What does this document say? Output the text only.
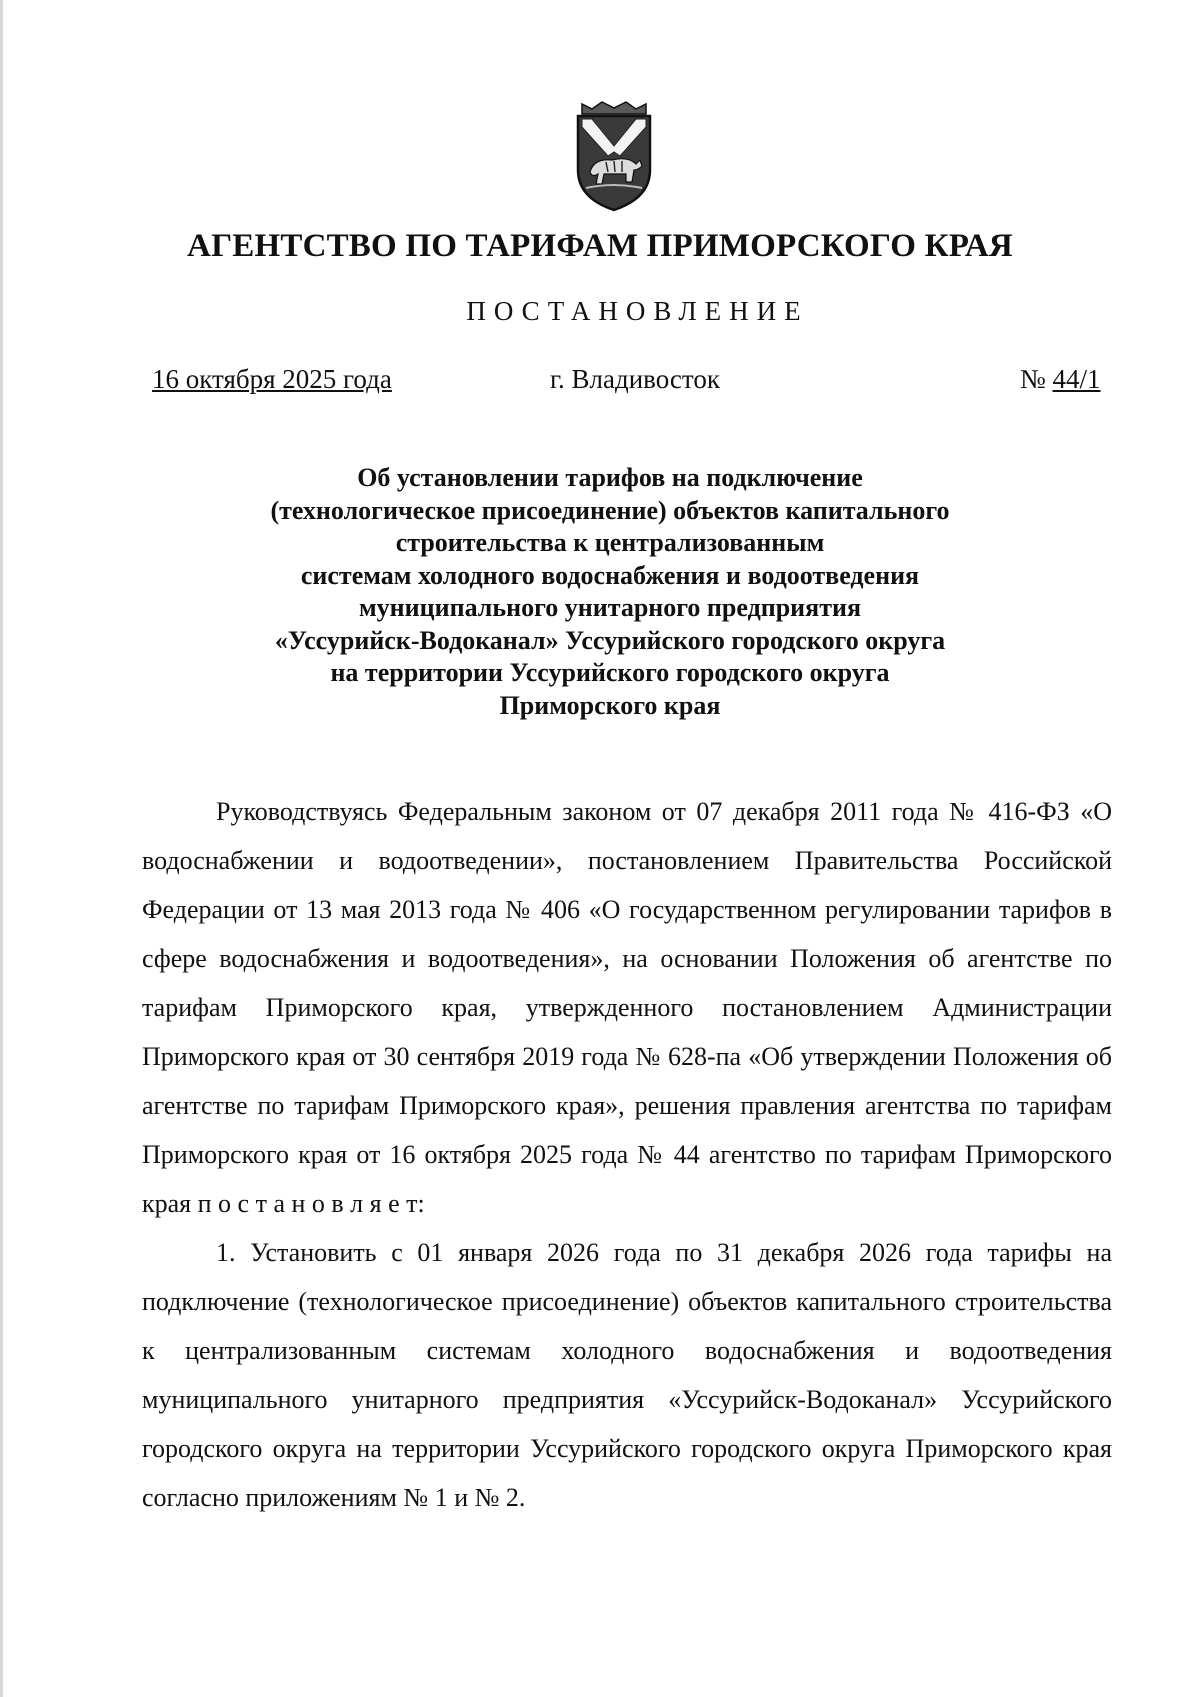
АГЕНТСТВО ПО ТАРИФАМ ПРИМОРСКОГО КРАЯ
ПОСТАНОВЛЕНИЕ
16 октября 2025 года	г. Владивосток	№ 44/1
Об установлении тарифов на подключение
(технологическое присоединение) объектов капитального
строительства к централизованным
системам холодного водоснабжения и водоотведения
муниципального унитарного предприятия
«Уссурийск-Водоканал» Уссурийского городского округа
на территории Уссурийского городского округа
Приморского края

Руководствуясь Федеральным законом от 07 декабря 2011 года № 416-ФЗ «О водоснабжении и водоотведении», постановлением Правительства Российской Федерации от 13 мая 2013 года № 406 «О государственном регулировании тарифов в сфере водоснабжения и водоотведения», на основании Положения об агентстве по тарифам Приморского края, утвержденного постановлением Администрации Приморского края от 30 сентября 2019 года № 628-па «Об утверждении Положения об агентстве по тарифам Приморского края», решения правления агентства по тарифам Приморского края от 16 октября 2025 года № 44 агентство по тарифам Приморского края п о с т а н о в л я е т:

1. Установить с 01 января 2026 года по 31 декабря 2026 года тарифы на подключение (технологическое присоединение) объектов капитального строительства к централизованным системам холодного водоснабжения и водоотведения муниципального унитарного предприятия «Уссурийск-Водоканал» Уссурийского городского округа на территории Уссурийского городского округа Приморского края согласно приложениям № 1 и № 2.
